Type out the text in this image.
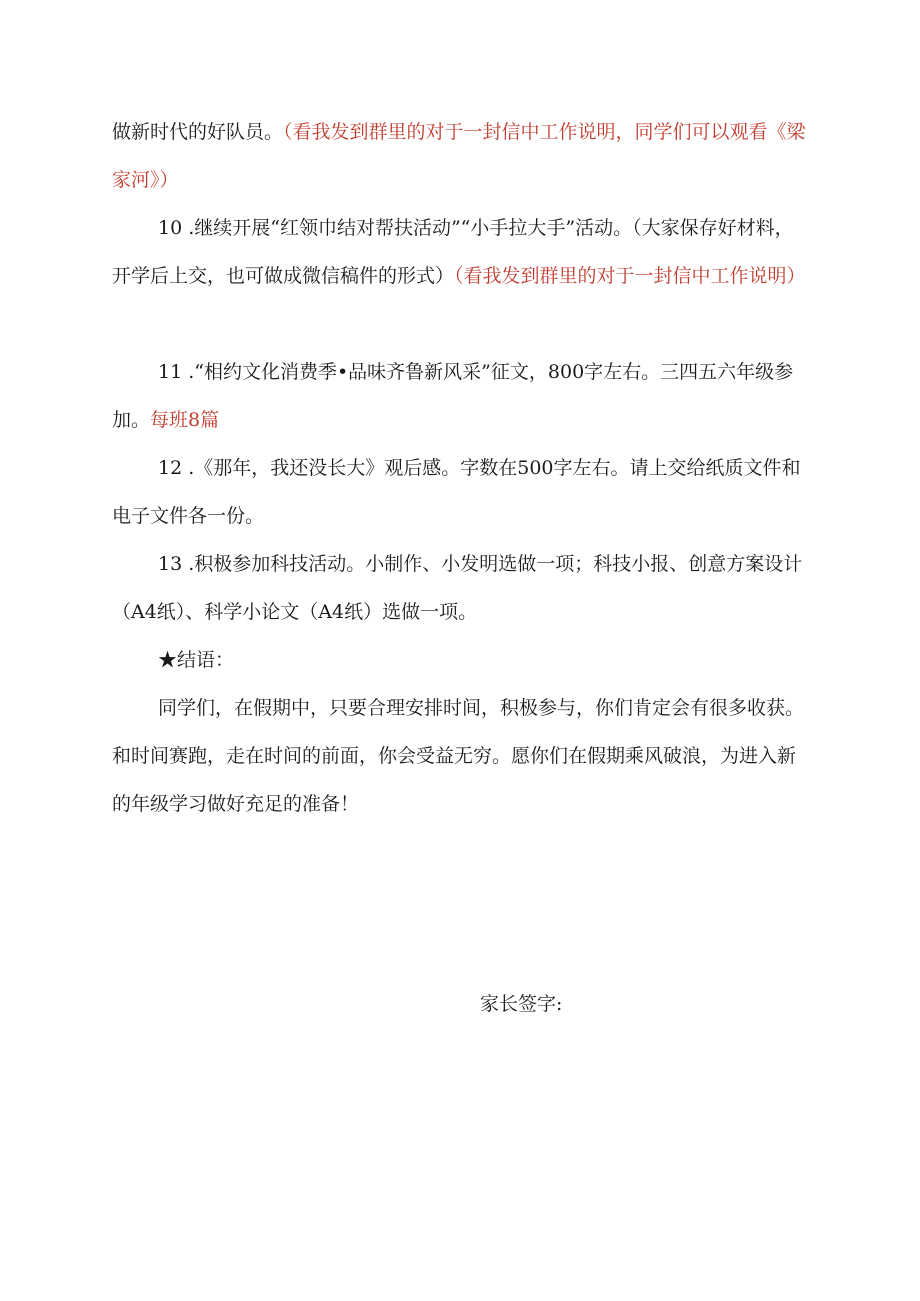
做新时代的好队员。（看我发到群里的对于一封信中工作说明，同学们可以观看《梁家河》）

10 .继续开展“红领巾结对帮扶活动”“小手拉大手”活动。（大家保存好材料，开学后上交，也可做成微信稿件的形式）（看我发到群里的对于一封信中工作说明）

11 .“相约文化消费季•品味齐鲁新风采”征文，800字左右。三四五六年级参加。每班8篇

12 .《那年，我还没长大》观后感。字数在500字左右。请上交给纸质文件和电子文件各一份。

13 .积极参加科技活动。小制作、小发明选做一项；科技小报、创意方案设计（A4纸）、科学小论文（A4纸）选做一项。

★结语：

同学们，在假期中，只要合理安排时间，积极参与，你们肯定会有很多收获。和时间赛跑，走在时间的前面，你会受益无穷。愿你们在假期乘风破浪，为进入新的年级学习做好充足的准备！

家长签字:
